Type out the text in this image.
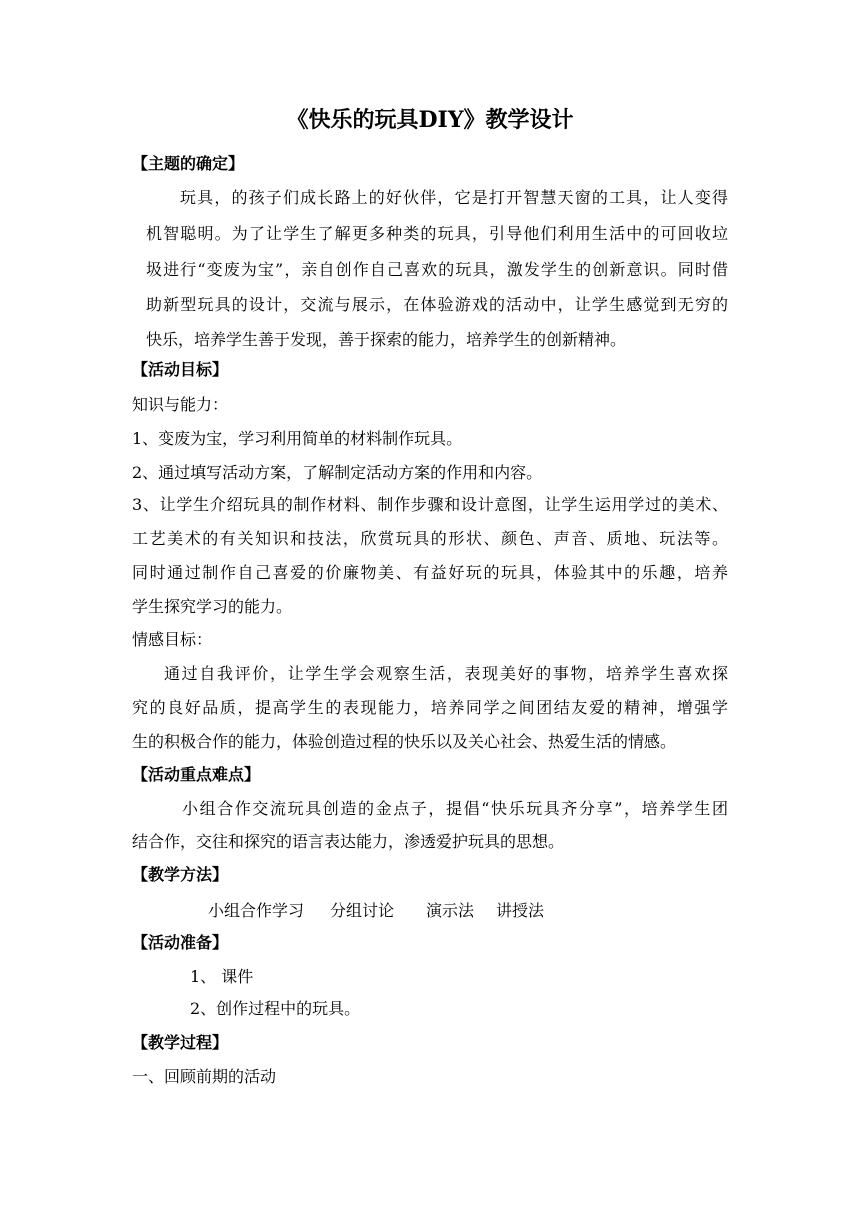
《快乐的玩具DIY》教学设计

【主题的确定】

玩具，的孩子们成长路上的好伙伴，它是打开智慧天窗的工具，让人变得

机智聪明。为了让学生了解更多种类的玩具，引导他们利用生活中的可回收垃

圾进行“变废为宝”，亲自创作自己喜欢的玩具，激发学生的创新意识。同时借

助新型玩具的设计，交流与展示，在体验游戏的活动中，让学生感觉到无穷的

快乐，培养学生善于发现，善于探索的能力，培养学生的创新精神。

【活动目标】

知识与能力：

1、变废为宝，学习利用简单的材料制作玩具。

2、通过填写活动方案，了解制定活动方案的作用和内容。

3、让学生介绍玩具的制作材料、制作步骤和设计意图，让学生运用学过的美术、

工艺美术的有关知识和技法，欣赏玩具的形状、颜色、声音、质地、玩法等。

同时通过制作自己喜爱的价廉物美、有益好玩的玩具，体验其中的乐趣，培养

学生探究学习的能力。

情感目标：

通过自我评价，让学生学会观察生活，表现美好的事物，培养学生喜欢探

究的良好品质，提高学生的表现能力，培养同学之间团结友爱的精神，增强学

生的积极合作的能力，体验创造过程的快乐以及关心社会、热爱生活的情感。

【活动重点难点】

小组合作交流玩具创造的金点子，提倡“快乐玩具齐分享”，培养学生团

结合作，交往和探究的语言表达能力，渗透爱护玩具的思想。

【教学方法】

小组合作学习 分组讨论 演示法 讲授法

【活动准备】

1、 课件

2、创作过程中的玩具。

【教学过程】

一、回顾前期的活动
